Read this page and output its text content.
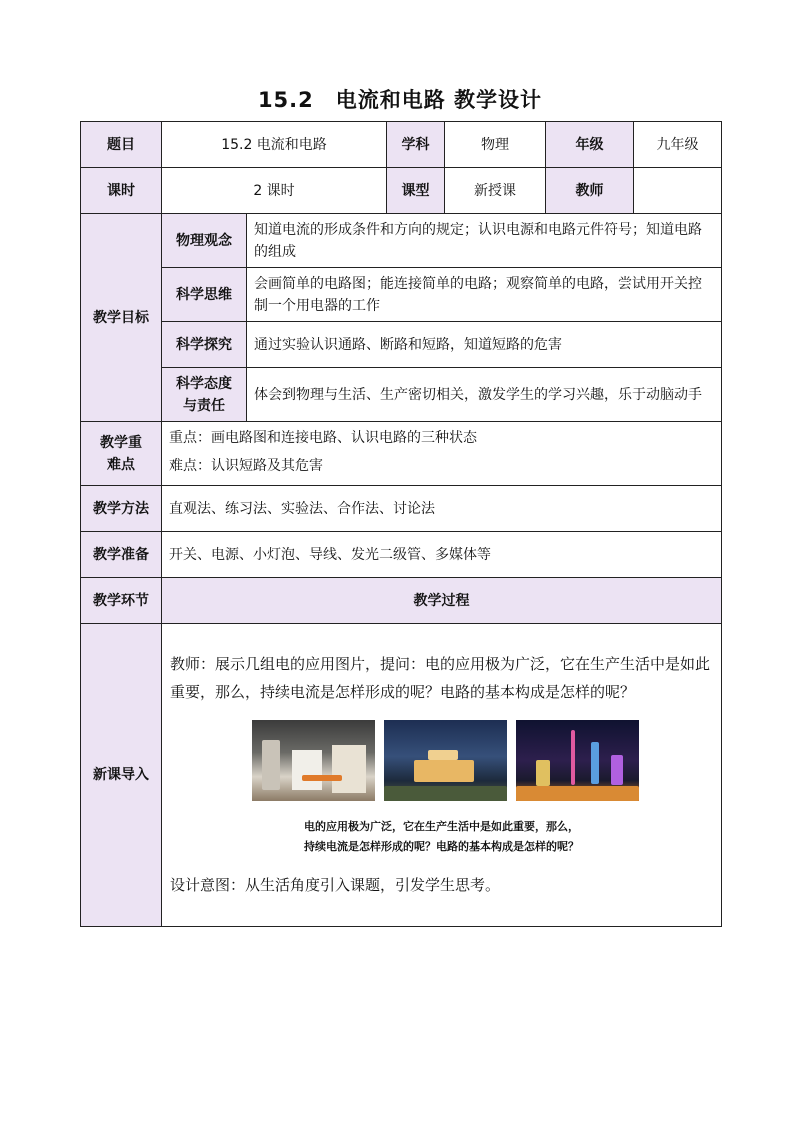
15.2　电流和电路 教学设计
题目	15.2 电流和电路		学科	物理	年级	九年级
课时	2 课时		课型	新授课	教师	
教学目标	物理观念	知道电流的形成条件和方向的规定；认识电源和电路元件符号；知道电路的组成				
	科学思维	会画简单的电路图；能连接简单的电路；观察简单的电路，尝试用开关控制一个用电器的工作				
	科学探究	通过实验认识通路、断路和短路，知道短路的危害				
	科学态度与责任	体会到物理与生活、生产密切相关，激发学生的学习兴趣，乐于动脑动手				
教学重难点	重点：画电路图和连接电路、认识电路的三种状态
难点：认识短路及其危害					

教学方法	直观法、练习法、实验法、合作法、讨论法					
教学准备	开关、电源、小灯泡、导线、发光二级管、多媒体等					
教学环节	教学过程					
新课导入	教师：展示几组电的应用图片，提问：电的应用极为广泛，它在生产生活中是如此重要，那么，持续电流是怎样形成的呢？电路的基本构成是怎样的呢？

电的应用极为广泛，它在生产生活中是如此重要，那么，
持续电流是怎样形成的呢？电路的基本构成是怎样的呢？

设计意图：从生活角度引入课题，引发学生思考。					
